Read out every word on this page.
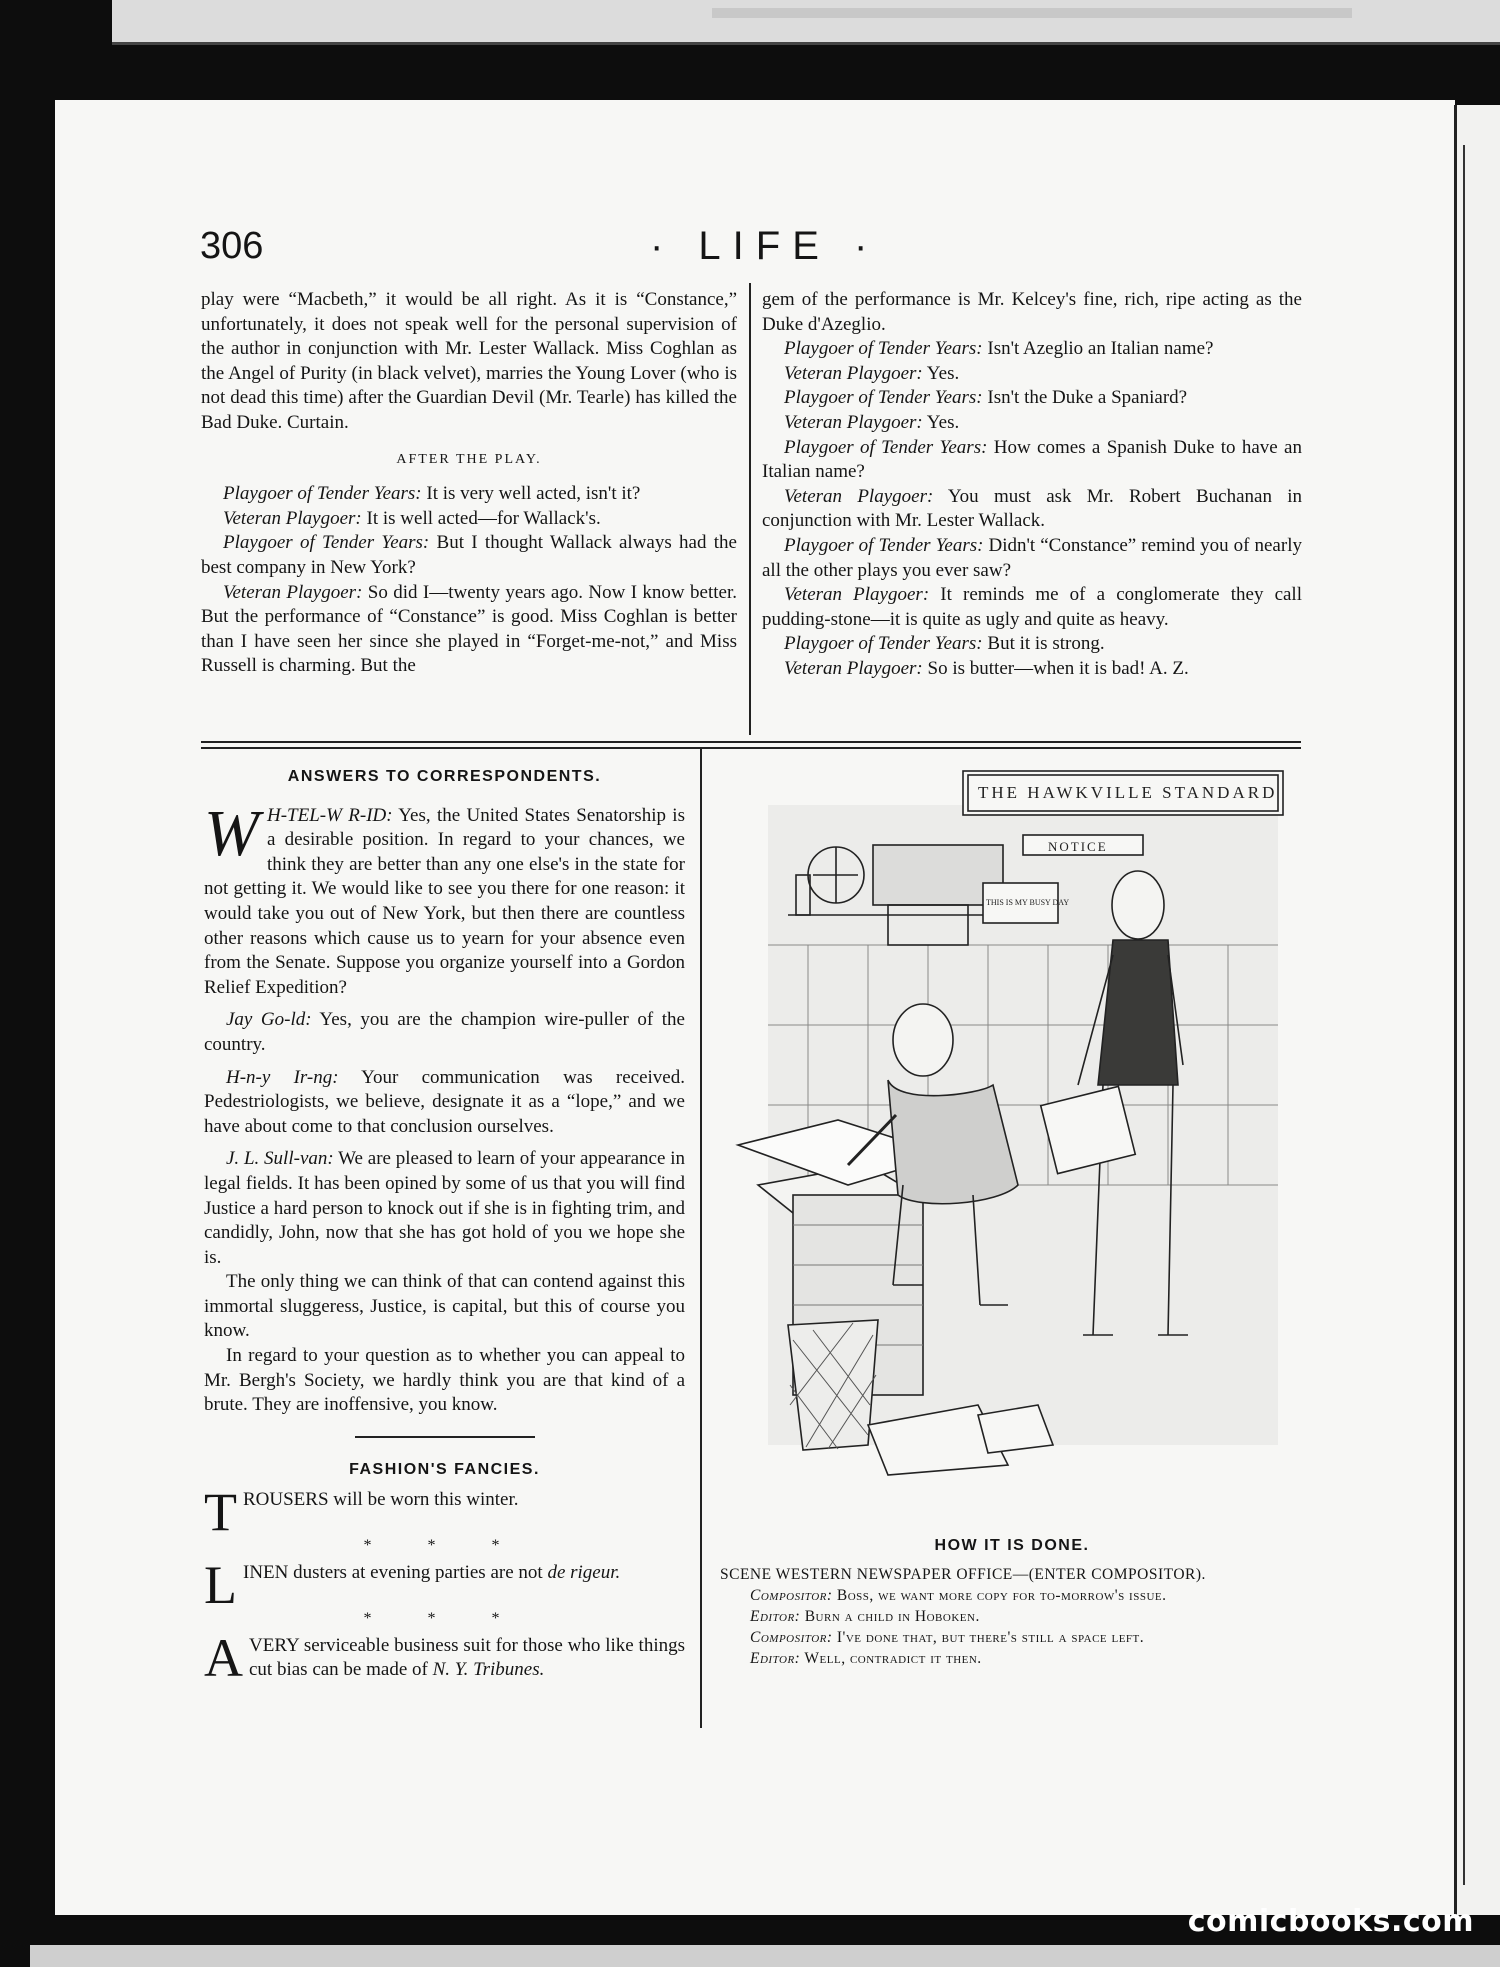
306	· LIFE ·

play were “Macbeth,” it would be all right. As it is “Constance,” unfortunately, it does not speak well for the personal supervision of the author in conjunction with Mr. Lester Wallack. Miss Coghlan as the Angel of Purity (in black velvet), marries the Young Lover (who is not dead this time) after the Guardian Devil (Mr. Tearle) has killed the Bad Duke. Curtain.

AFTER THE PLAY.

Playgoer of Tender Years: It is very well acted, isn't it?

Veteran Playgoer: It is well acted—for Wallack's.

Playgoer of Tender Years: But I thought Wallack always had the best company in New York?

Veteran Playgoer: So did I—twenty years ago. Now I know better. But the performance of “Constance” is good. Miss Coghlan is better than I have seen her since she played in “Forget-me-not,” and Miss Russell is charming. But the

gem of the performance is Mr. Kelcey's fine, rich, ripe acting as the Duke d'Azeglio.

Playgoer of Tender Years: Isn't Azeglio an Italian name?

Veteran Playgoer: Yes.

Playgoer of Tender Years: Isn't the Duke a Spaniard?

Veteran Playgoer: Yes.

Playgoer of Tender Years: How comes a Spanish Duke to have an Italian name?

Veteran Playgoer: You must ask Mr. Robert Buchanan in conjunction with Mr. Lester Wallack.

Playgoer of Tender Years: Didn't “Constance” remind you of nearly all the other plays you ever saw?

Veteran Playgoer: It reminds me of a conglomerate they call pudding-stone—it is quite as ugly and quite as heavy.

Playgoer of Tender Years: But it is strong.

Veteran Playgoer: So is butter—when it is bad! A. Z.

ANSWERS TO CORRESPONDENTS.

W H-TEL-W R-ID: Yes, the United States Senatorship is a desirable position. In regard to your chances, we think they are better than any one else's in the state for not getting it. We would like to see you there for one reason: it would take you out of New York, but then there are countless other reasons which cause us to yearn for your absence even from the Senate. Suppose you organize yourself into a Gordon Relief Expedition?

Jay Go-ld: Yes, you are the champion wire-puller of the country.

H-n-y Ir-ng: Your communication was received. Pedestriologists, we believe, designate it as a “lope,” and we have about come to that conclusion ourselves.

J. L. Sull-van: We are pleased to learn of your appearance in legal fields. It has been opined by some of us that you will find Justice a hard person to knock out if she is in fighting trim, and candidly, John, now that she has got hold of you we hope she is.

The only thing we can think of that can contend against this immortal sluggeress, Justice, is capital, but this of course you know.

In regard to your question as to whether you can appeal to Mr. Bergh's Society, we hardly think you are that kind of a brute. They are inoffensive, you know.

FASHION'S FANCIES.

TROUSERS will be worn this winter.

* * *

LINEN dusters at evening parties are not de rigeur.

* * *

AVERY serviceable business suit for those who like things cut bias can be made of N. Y. Tribunes.

THE HAWKVILLE STANDARD
NOTICE
THIS IS MY BUSY DAY
HOW IT IS DONE.
SCENE WESTERN NEWSPAPER OFFICE—(ENTER COMPOSITOR).
Compositor: Boss, we want more copy for to-morrow's issue.
Editor: Burn a child in Hoboken.
Compositor: I've done that, but there's still a space left.
Editor: Well, contradict it then.
comicbooks.com
